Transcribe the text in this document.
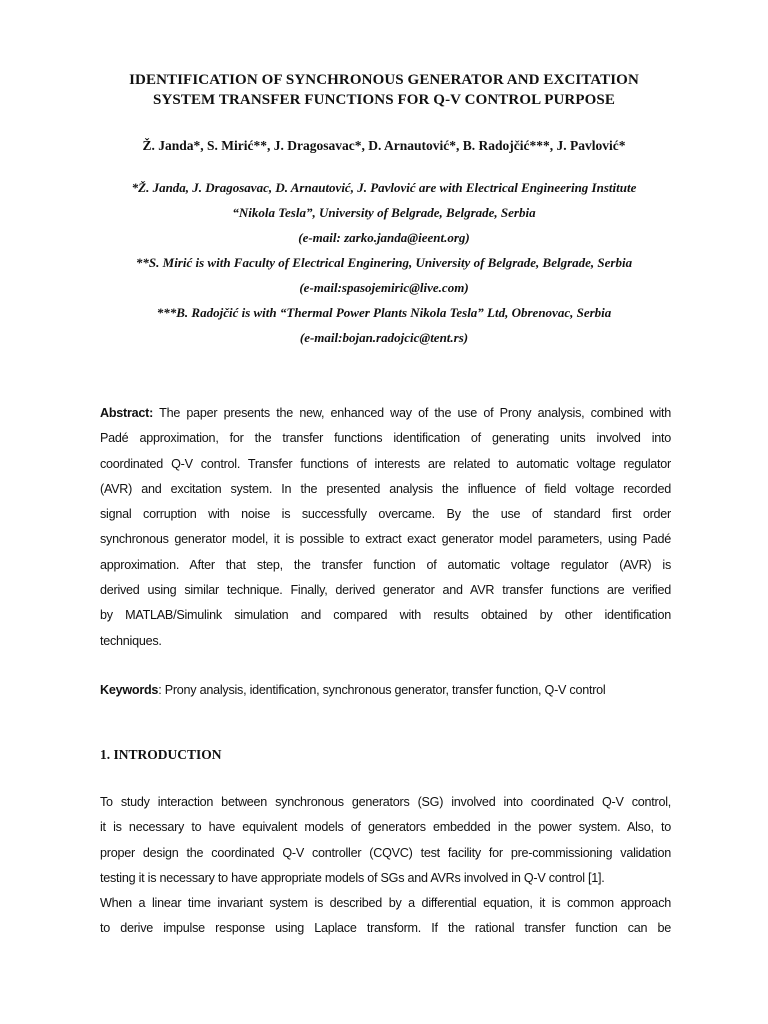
IDENTIFICATION OF SYNCHRONOUS GENERATOR AND EXCITATION
SYSTEM TRANSFER FUNCTIONS FOR Q-V CONTROL PURPOSE
Ž. Janda*, S. Mirić**, J. Dragosavac*, D. Arnautović*, B. Radojčić***, J. Pavlović*
*Ž. Janda, J. Dragosavac, D. Arnautović, J. Pavlović are with Electrical Engineering Institute
“Nikola Tesla”, University of Belgrade, Belgrade, Serbia
(e-mail: zarko.janda@ieent.org)
**S. Mirić is with Faculty of Electrical Enginering, University of Belgrade, Belgrade, Serbia
(e-mail:spasojemiric@live.com)
***B. Radojčić is with “Thermal Power Plants Nikola Tesla” Ltd, Obrenovac, Serbia
(e-mail:bojan.radojcic@tent.rs)
Abstract: The paper presents the new, enhanced way of the use of Prony analysis, combined with
Padé approximation, for the transfer functions identification of generating units involved into
coordinated Q-V control. Transfer functions of interests are related to automatic voltage regulator
(AVR) and excitation system. In the presented analysis the influence of field voltage recorded
signal corruption with noise is successfully overcame. By the use of standard first order
synchronous generator model, it is possible to extract exact generator model parameters, using Padé
approximation. After that step, the transfer function of automatic voltage regulator (AVR) is
derived using similar technique. Finally, derived generator and AVR transfer functions are verified
by MATLAB/Simulink simulation and compared with results obtained by other identification
techniques.
Keywords: Prony analysis, identification, synchronous generator, transfer function, Q-V control
1. INTRODUCTION
To study interaction between synchronous generators (SG) involved into coordinated Q-V control,
it is necessary to have equivalent models of generators embedded in the power system. Also, to
proper design the coordinated Q-V controller (CQVC) test facility for pre-commissioning validation
testing it is necessary to have appropriate models of SGs and AVRs involved in Q-V control [1].
When a linear time invariant system is described by a differential equation, it is common approach
to derive impulse response using Laplace transform. If the rational transfer function can be
